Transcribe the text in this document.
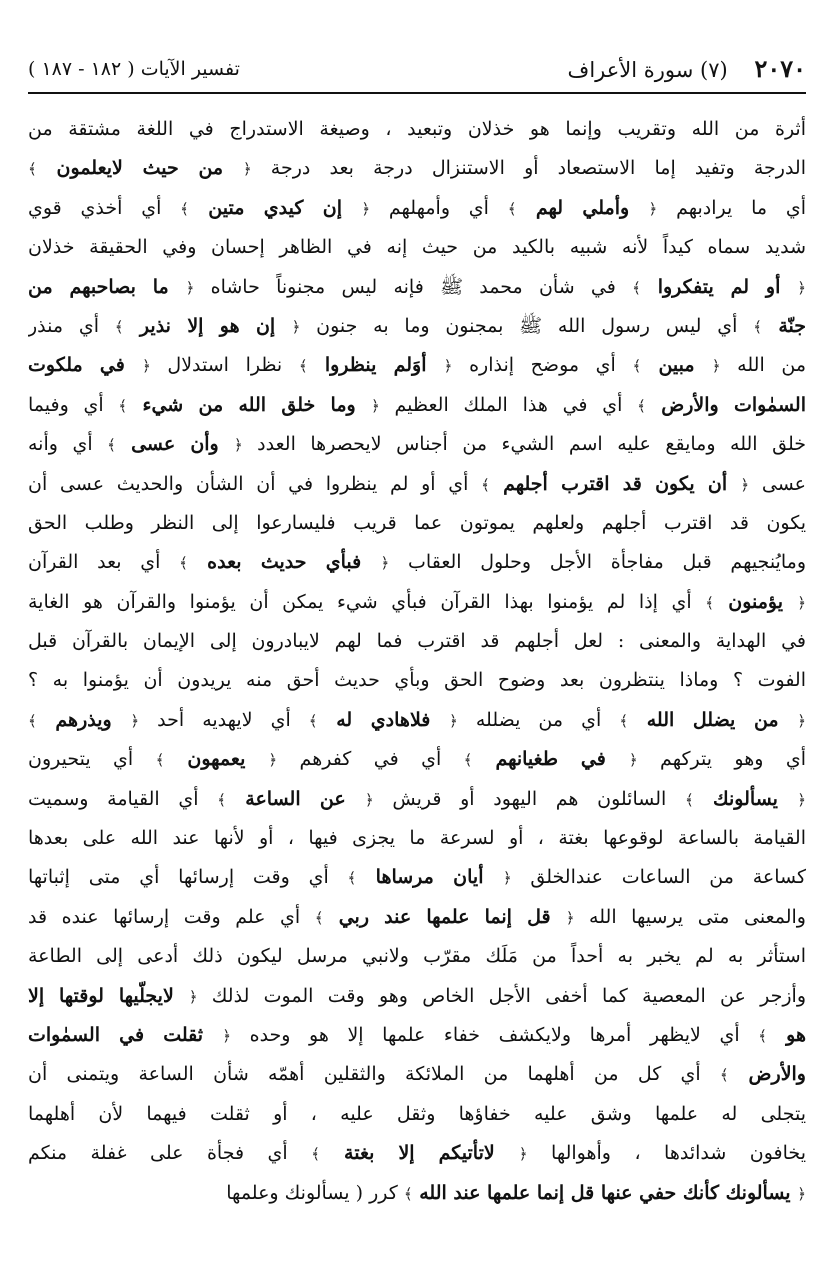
٢٠٧٠    (٧) سورة الأعراف
تفسير الآيات ( ١٨٢ - ١٨٧ )
أثرة من الله وتقريب وإنما هو خذلان وتبعيد ، وصيغة الاستدراج في اللغة مشتقة من
الدرجة وتفيد إما الاستصعاد أو الاستنزال درجة بعد درجة ﴿ من حيث لايعلمون ﴾
أي ما يرادبهم ﴿ وأملي لهم ﴾ أي وأمهلهم ﴿ إن كيدي متين ﴾ أي أخذي قوي
شديد سماه كيداً لأنه شبيه بالكيد من حيث إنه في الظاهر إحسان وفي الحقيقة خذلان
﴿ أو لم يتفكروا ﴾ في شأن محمد ﷺ فإنه ليس مجنوناً حاشاه ﴿ ما بصاحبهم من
جنّة ﴾ أي ليس رسول الله ﷺ بمجنون وما به جنون ﴿ إن هو إلا نذير ﴾ أي منذر
من الله ﴿ مبين ﴾ أي موضح إنذاره ﴿ أوَلم ينظروا ﴾ نظرا استدلال ﴿ في ملكوت
السمٰوات والأرض ﴾ أي في هذا الملك العظيم ﴿ وما خلق الله من شيء ﴾ أي وفيما
خلق الله ومايقع عليه اسم الشيء من أجناس لايحصرها العدد ﴿ وأن عسى ﴾ أي وأنه
عسى ﴿ أن يكون قد اقترب أجلهم ﴾ أي أو لم ينظروا في أن الشأن والحديث عسى أن
يكون قد اقترب أجلهم ولعلهم يموتون عما قريب فليسارعوا إلى النظر وطلب الحق
ومايُنجيهم قبل مفاجأة الأجل وحلول العقاب ﴿ فبأي حديث بعده ﴾ أي بعد القرآن
﴿ يؤمنون ﴾ أي إذا لم يؤمنوا بهذا القرآن فبأي شيء يمكن أن يؤمنوا والقرآن هو الغاية
في الهداية والمعنى : لعل أجلهم قد اقترب فما لهم لايبادرون إلى الإيمان بالقرآن قبل
الفوت ؟ وماذا ينتظرون بعد وضوح الحق وبأي حديث أحق منه يريدون أن يؤمنوا به ؟
﴿ من يضلل الله ﴾ أي من يضلله ﴿ فلاهادي له ﴾ أي لايهديه أحد ﴿ ويذرهم ﴾
أي وهو يتركهم ﴿ في طغيانهم ﴾ أي في كفرهم ﴿ يعمهون ﴾ أي يتحيرون
﴿ يسألونك ﴾ السائلون هم اليهود أو قريش ﴿ عن الساعة ﴾ أي القيامة وسميت
القيامة بالساعة لوقوعها بغتة ، أو لسرعة ما يجزى فيها ، أو لأنها عند الله على بعدها
كساعة من الساعات عندالخلق ﴿ أيان مرساها ﴾ أي وقت إرسائها أي متى إثباتها
والمعنى متى يرسيها الله ﴿ قل إنما علمها عند ربي ﴾ أي علم وقت إرسائها عنده قد
استأثر به لم يخبر به أحداً من مَلَك مقرّب ولانبي مرسل ليكون ذلك أدعى إلى الطاعة
وأزجر عن المعصية كما أخفى الأجل الخاص وهو وقت الموت لذلك ﴿ لايجلّيها لوقتها إلا
هو ﴾ أي لايظهر أمرها ولايكشف خفاء علمها إلا هو وحده ﴿ ثقلت في السمٰوات
والأرض ﴾ أي كل من أهلهما من الملائكة والثقلين أهمّه شأن الساعة ويتمنى أن
يتجلى له علمها وشق عليه خفاؤها وثقل عليه ، أو ثقلت فيهما لأن أهلهما
يخافون شدائدها ، وأهوالها ﴿ لاتأتيكم إلا بغتة ﴾ أي فجأة على غفلة منكم
﴿ يسألونك كأنك حفي عنها قل إنما علمها عند الله ﴾ كرر ( يسألونك وعلمها
